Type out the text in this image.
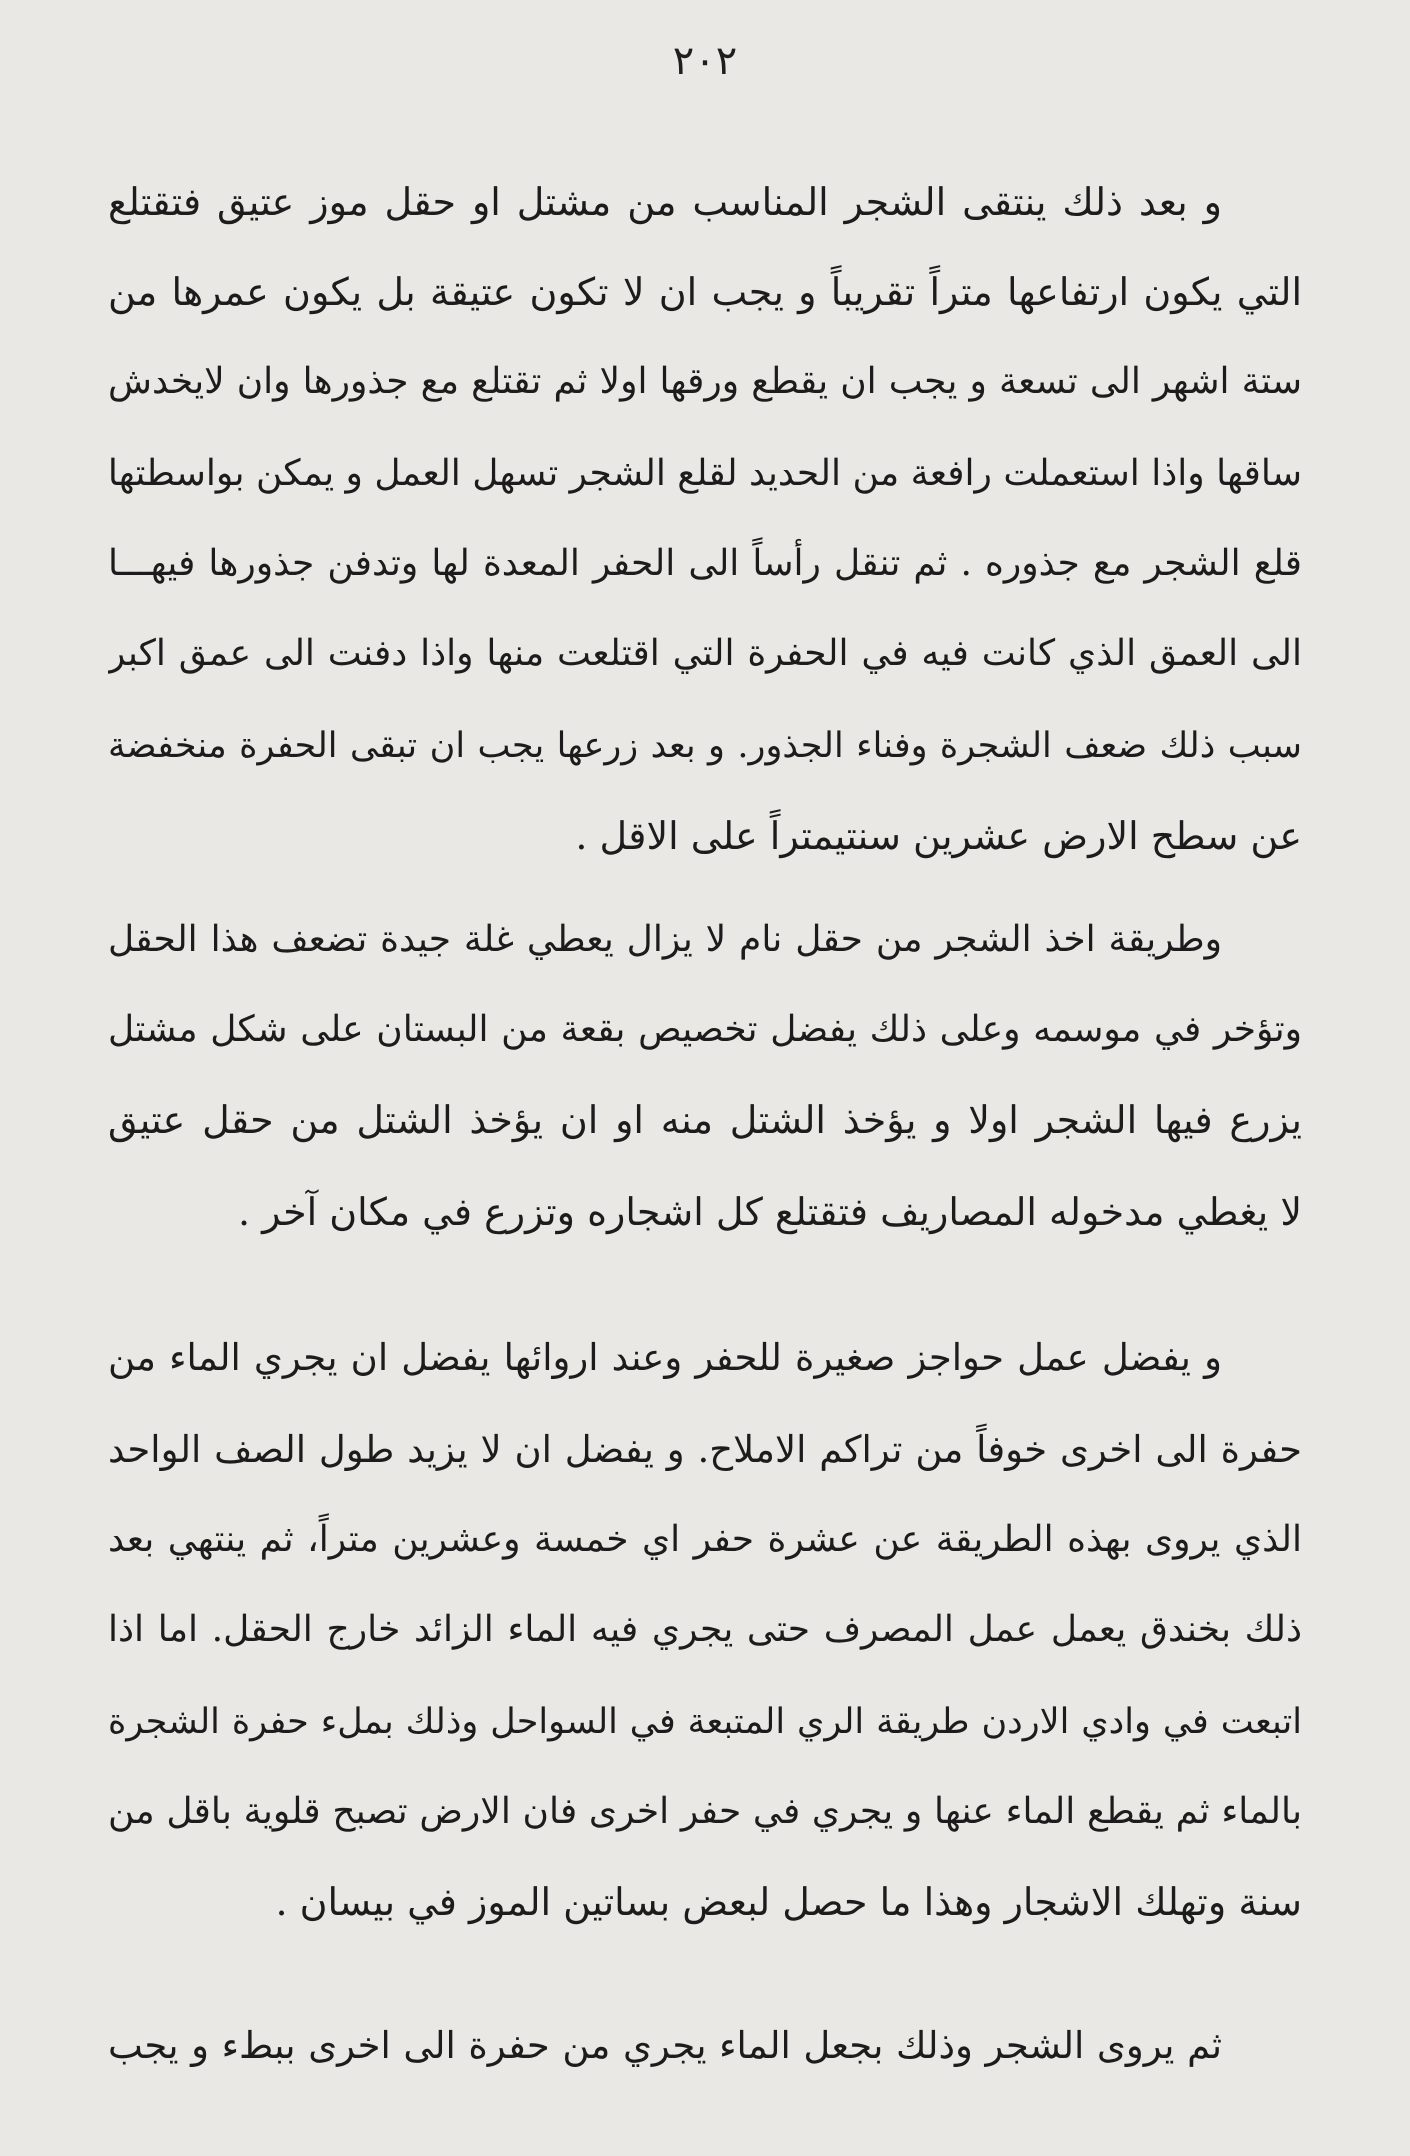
٢٠٢
و بعد ذلك ينتقى الشجر المناسب من مشتل او حقل موز عتيق فتقتلع
التي يكون ارتفاعها متراً تقريباً و يجب ان لا تكون عتيقة بل يكون عمرها من
ستة اشهر الى تسعة و يجب ان يقطع ورقها اولا ثم تقتلع مع جذورها وان لايخدش
ساقها واذا استعملت رافعة من الحديد لقلع الشجر تسهل العمل و يمكن بواسطتها
قلع الشجر مع جذوره . ثم تنقل رأساً الى الحفر المعدة لها وتدفن جذورها فيهـــا
الى العمق الذي كانت فيه في الحفرة التي اقتلعت منها واذا دفنت الى عمق اكبر
سبب ذلك ضعف الشجرة وفناء الجذور. و بعد زرعها يجب ان تبقى الحفرة منخفضة
عن سطح الارض عشرين سنتيمتراً على الاقل .
وطريقة اخذ الشجر من حقل نام لا يزال يعطي غلة جيدة تضعف هذا الحقل
وتؤخر في موسمه وعلى ذلك يفضل تخصيص بقعة من البستان على شكل مشتل
يزرع فيها الشجر اولا و يؤخذ الشتل منه او ان يؤخذ الشتل من حقل عتيق
لا يغطي مدخوله المصاريف فتقتلع كل اشجاره وتزرع في مكان آخر .
و يفضل عمل حواجز صغيرة للحفر وعند اروائها يفضل ان يجري الماء من
حفرة الى اخرى خوفاً من تراكم الاملاح. و يفضل ان لا يزيد طول الصف الواحد
الذي يروى بهذه الطريقة عن عشرة حفر اي خمسة وعشرين متراً، ثم ينتهي بعد
ذلك بخندق يعمل عمل المصرف حتى يجري فيه الماء الزائد خارج الحقل. اما اذا
اتبعت في وادي الاردن طريقة الري المتبعة في السواحل وذلك بملء حفرة الشجرة
بالماء ثم يقطع الماء عنها و يجري في حفر اخرى فان الارض تصبح قلوية باقل من
سنة وتهلك الاشجار وهذا ما حصل لبعض بساتين الموز في بيسان .
ثم يروى الشجر وذلك بجعل الماء يجري من حفرة الى اخرى ببطء و يجب
